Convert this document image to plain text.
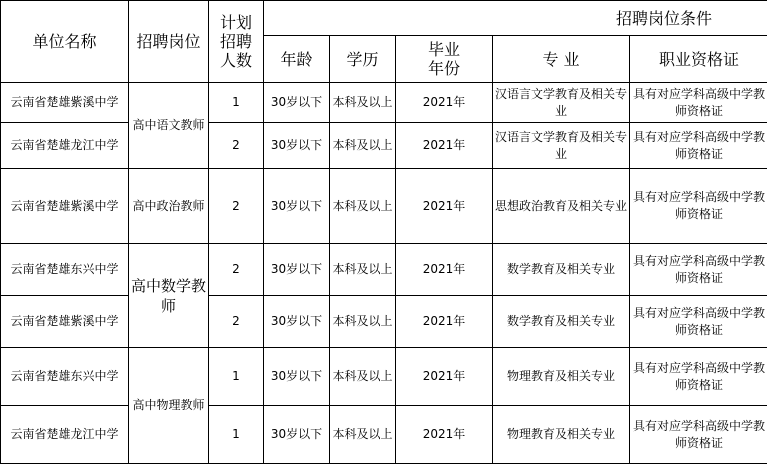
单位名称	招聘岗位	计划招聘人数	招聘岗位条件				
			年龄	学历	毕业年份	专 业	职业资格证
云南省楚雄紫溪中学	高中语文教师	1	30岁以下	本科及以上	2021年	汉语言文学教育及相关专业	具有对应学科高级中学教师资格证
云南省楚雄龙江中学		2	30岁以下	本科及以上	2021年	汉语言文学教育及相关专业	具有对应学科高级中学教师资格证
云南省楚雄紫溪中学	高中政治教师	2	30岁以下	本科及以上	2021年	思想政治教育及相关专业	具有对应学科高级中学教师资格证
云南省楚雄东兴中学	高中数学教师	2	30岁以下	本科及以上	2021年	数学教育及相关专业	具有对应学科高级中学教师资格证
云南省楚雄紫溪中学		2	30岁以下	本科及以上	2021年	数学教育及相关专业	具有对应学科高级中学教师资格证
云南省楚雄东兴中学	高中物理教师	1	30岁以下	本科及以上	2021年	物理教育及相关专业	具有对应学科高级中学教师资格证
云南省楚雄龙江中学		1	30岁以下	本科及以上	2021年	物理教育及相关专业	具有对应学科高级中学教师资格证
